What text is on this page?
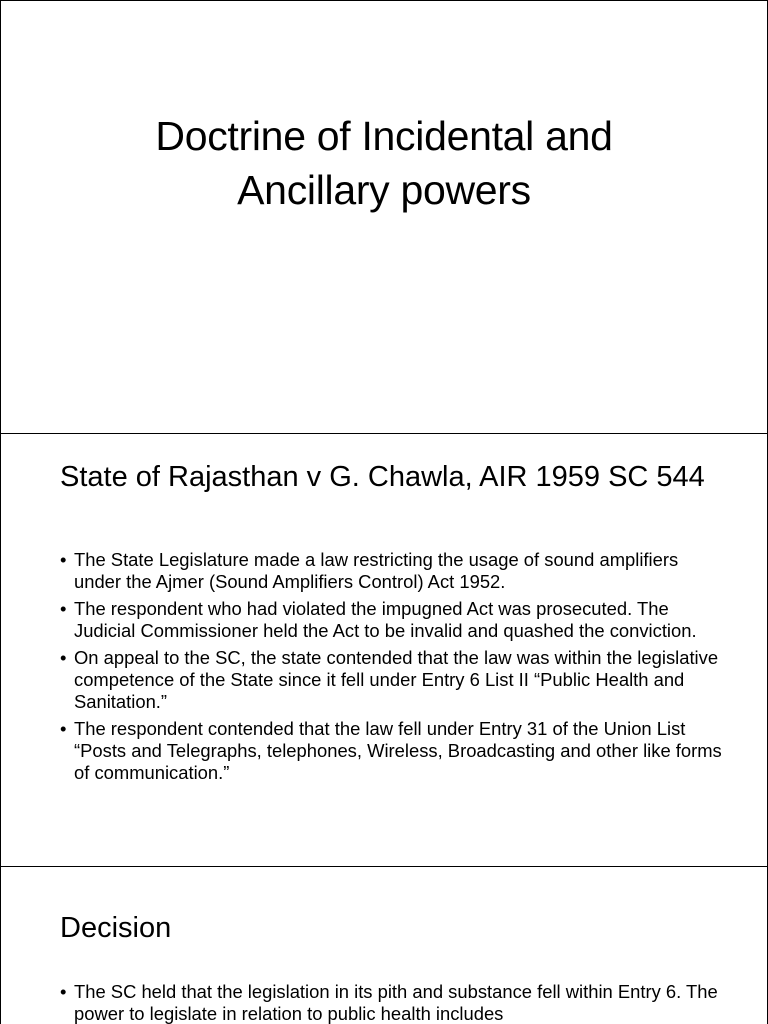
Doctrine of Incidental and
Ancillary powers
State of Rajasthan v G. Chawla, AIR 1959 SC 544
• The State Legislature made a law restricting the usage of sound amplifiers under the Ajmer (Sound Amplifiers Control) Act 1952.
• The respondent who had violated the impugned Act was prosecuted. The Judicial Commissioner held the Act to be invalid and quashed the conviction.
• On appeal to the SC, the state contended that the law was within the legislative competence of the State since it fell under Entry 6 List II “Public Health and Sanitation.”
• The respondent contended that the law fell under Entry 31 of the Union List “Posts and Telegraphs, telephones, Wireless, Broadcasting and other like forms of communication.”
Decision
• The SC held that the legislation in its pith and substance fell within Entry 6. The power to legislate in relation to public health includes
